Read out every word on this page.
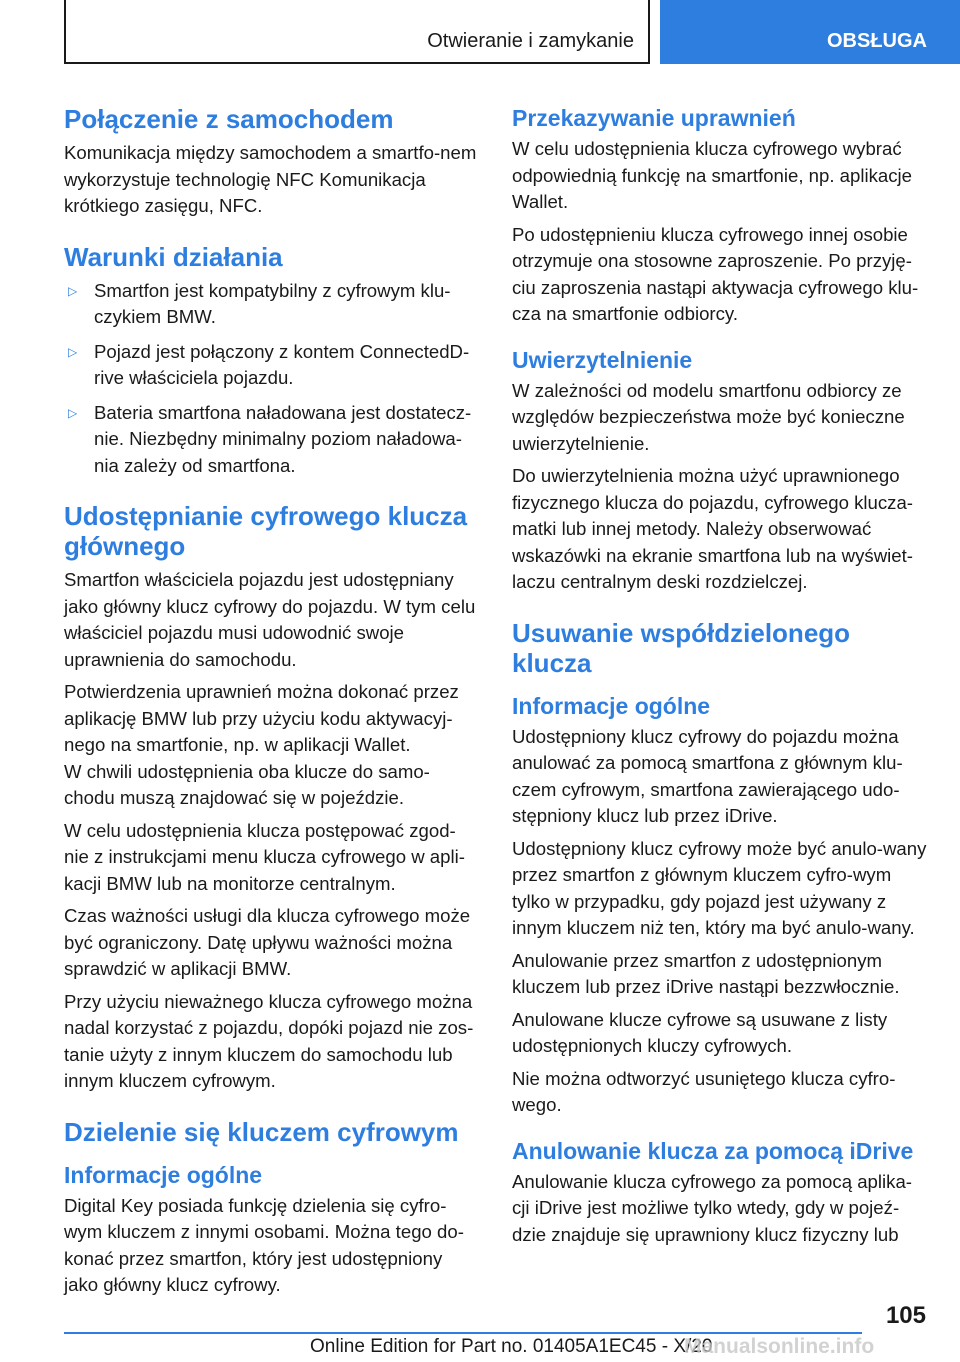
Otwieranie i zamykanie	OBSŁUGA
Połączenie z samochodem

Komunikacja między samochodem a smartfo-nem wykorzystuje technologię NFC Komunikacja krótkiego zasięgu, NFC.

Warunki działania
▷ Smartfon jest kompatybilny z cyfrowym klu-czykiem BMW.
▷ Pojazd jest połączony z kontem ConnectedD-rive właściciela pojazdu.
▷ Bateria smartfona naładowana jest dostatecz-nie. Niezbędny minimalny poziom naładowa-nia zależy od smartfona.
Udostępnianie cyfrowego klucza głównego

Smartfon właściciela pojazdu jest udostępniany jako główny klucz cyfrowy do pojazdu. W tym celu właściciel pojazdu musi udowodnić swoje uprawnienia do samochodu.

Potwierdzenia uprawnień można dokonać przez aplikację BMW lub przy użyciu kodu aktywacyj-nego na smartfonie, np. w aplikacji Wallet.

W chwili udostępnienia oba klucze do samo-chodu muszą znajdować się w pojeździe.

W celu udostępnienia klucza postępować zgod-nie z instrukcjami menu klucza cyfrowego w apli-kacji BMW lub na monitorze centralnym.

Czas ważności usługi dla klucza cyfrowego może być ograniczony. Datę upływu ważności można sprawdzić w aplikacji BMW.

Przy użyciu nieważnego klucza cyfrowego można nadal korzystać z pojazdu, dopóki pojazd nie zos-tanie użyty z innym kluczem do samochodu lub innym kluczem cyfrowym.

Dzielenie się kluczem cyfrowym
Informacje ogólne

Digital Key posiada funkcję dzielenia się cyfro-wym kluczem z innymi osobami. Można tego do-konać przez smartfon, który jest udostępniony jako główny klucz cyfrowy.

Przekazywanie uprawnień

W celu udostępnienia klucza cyfrowego wybrać odpowiednią funkcję na smartfonie, np. aplikacje Wallet.

Po udostępnieniu klucza cyfrowego innej osobie otrzymuje ona stosowne zaproszenie. Po przyję-ciu zaproszenia nastąpi aktywacja cyfrowego klu-cza na smartfonie odbiorcy.

Uwierzytelnienie

W zależności od modelu smartfonu odbiorcy ze względów bezpieczeństwa może być konieczne uwierzytelnienie.

Do uwierzytelnienia można użyć uprawnionego fizycznego klucza do pojazdu, cyfrowego klucza-matki lub innej metody. Należy obserwować wskazówki na ekranie smartfona lub na wyświet-laczu centralnym deski rozdzielczej.

Usuwanie współdzielonego klucza
Informacje ogólne

Udostępniony klucz cyfrowy do pojazdu można anulować za pomocą smartfona z głównym klu-czem cyfrowym, smartfona zawierającego udo-stępniony klucz lub przez iDrive.

Udostępniony klucz cyfrowy może być anulo-wany przez smartfon z głównym kluczem cyfro-wym tylko w przypadku, gdy pojazd jest używany z innym kluczem niż ten, który ma być anulo-wany.

Anulowanie przez smartfon z udostępnionym kluczem lub przez iDrive nastąpi bezzwłocznie.

Anulowane klucze cyfrowe są usuwane z listy udostępnionych kluczy cyfrowych.

Nie można odtworzyć usuniętego klucza cyfro-wego.

Anulowanie klucza za pomocą iDrive

Anulowanie klucza cyfrowego za pomocą aplika-cji iDrive jest możliwe tylko wtedy, gdy w pojeź-dzie znajduje się uprawniony klucz fizyczny lub

105
Online Edition for Part no. 01405A1EC45 - X/20
Manualsonline.info
